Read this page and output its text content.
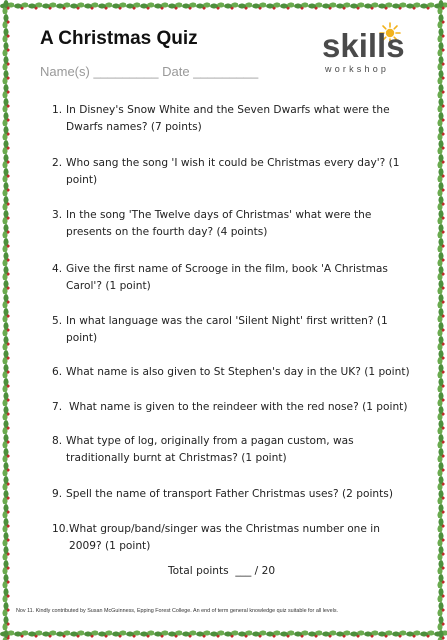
A Christmas Quiz
Name(s) _________ Date _________
skills
workshop
1. In Disney's Snow White and the Seven Dwarfs what were the Dwarfs names? (7 points)
2. Who sang the song 'I wish it could be Christmas every day'? (1 point)
3. In the song 'The Twelve days of Christmas' what were the presents on the fourth day? (4 points)
4. Give the first name of Scrooge in the film, book 'A Christmas Carol'? (1 point)
5. In what language was the carol 'Silent Night' first written? (1 point)
6. What name is also given to St Stephen's day in the UK? (1 point)
7. What name is given to the reindeer with the red nose? (1 point)
8. What type of log, originally from a pagan custom, was traditionally burnt at Christmas? (1 point)
9. Spell the name of transport Father Christmas uses? (2 points)
10. What group/band/singer was the Christmas number one in 2009? (1 point)
Total points  ___ / 20
Nov 11. Kindly contributed by Susan McGuinness, Epping Forest College. An end of term general knowledge quiz suitable for all levels.
